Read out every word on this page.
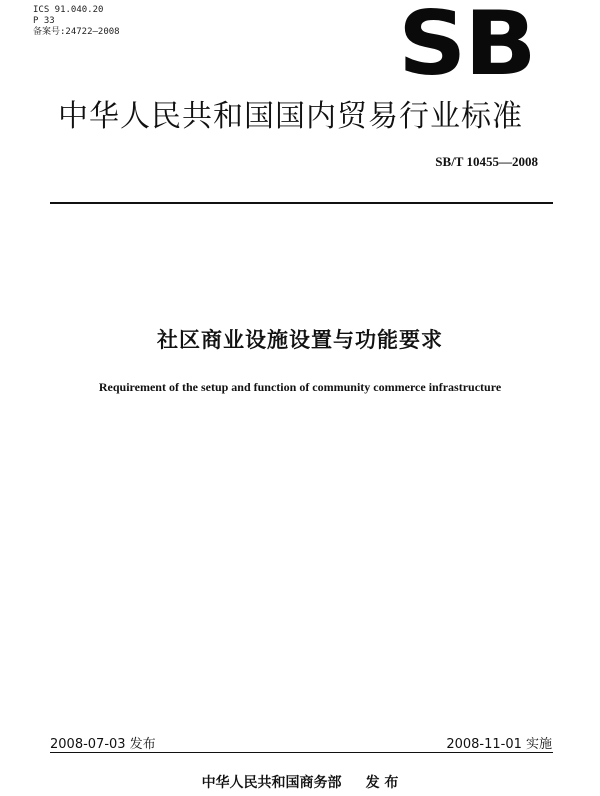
ICS 91.040.20
P 33
备案号:24722—2008	SB
中华人民共和国国内贸易行业标准
SB/T 10455—2008
社区商业设施设置与功能要求
Requirement of the setup and function of community commerce infrastructure
2008-07-03 发布	2008-11-01 实施
中华人民共和国商务部 发 布
